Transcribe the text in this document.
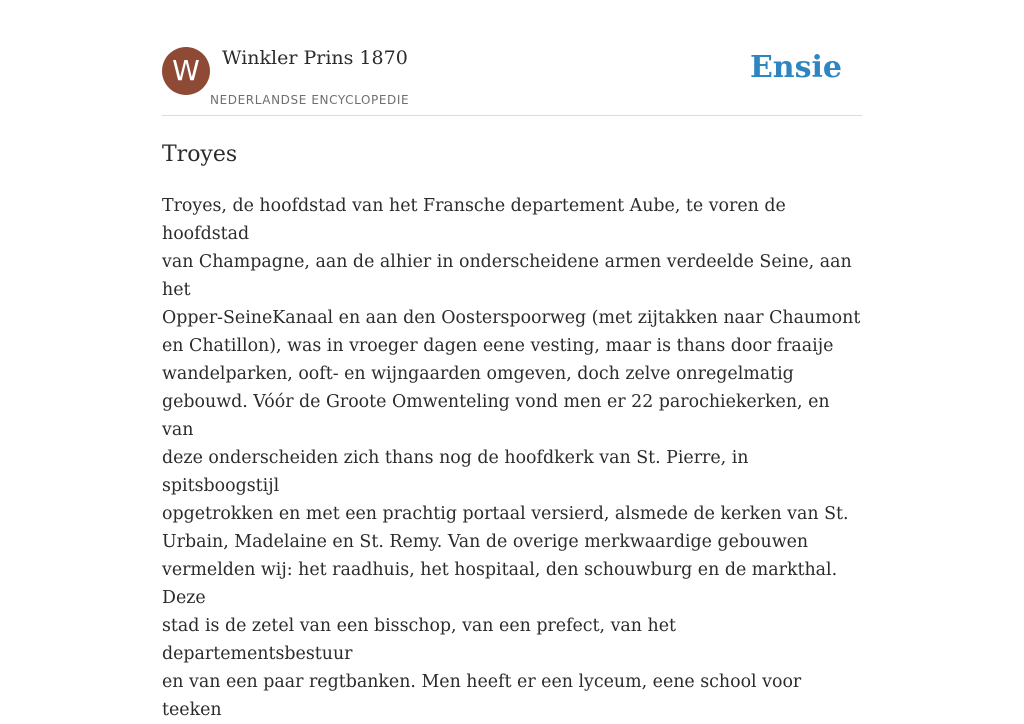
W	Winkler Prins 1870
NEDERLANDSE ENCYCLOPEDIE
Ensie
Troyes

Troyes, de hoofdstad van het Fransche departement Aube, te voren de hoofdstad
van Champagne, aan de alhier in onderscheidene armen verdeelde Seine, aan het
Opper-SeineKanaal en aan den Oosterspoorweg (met zijtakken naar Chaumont
en Chatillon), was in vroeger dagen eene vesting, maar is thans door fraaije
wandelparken, ooft- en wijngaarden omgeven, doch zelve onregelmatig
gebouwd. Vóór de Groote Omwenteling vond men er 22 parochiekerken, en van
deze onderscheiden zich thans nog de hoofdkerk van St. Pierre, in spitsboogstijl
opgetrokken en met een prachtig portaal versierd, alsmede de kerken van St.
Urbain, Madelaine en St. Remy. Van de overige merkwaardige gebouwen
vermelden wij: het raadhuis, het hospitaal, den schouwburg en de markthal. Deze
stad is de zetel van een bisschop, van een prefect, van het departementsbestuur
en van een paar regtbanken. Men heeft er een lyceum, eene school voor teeken
